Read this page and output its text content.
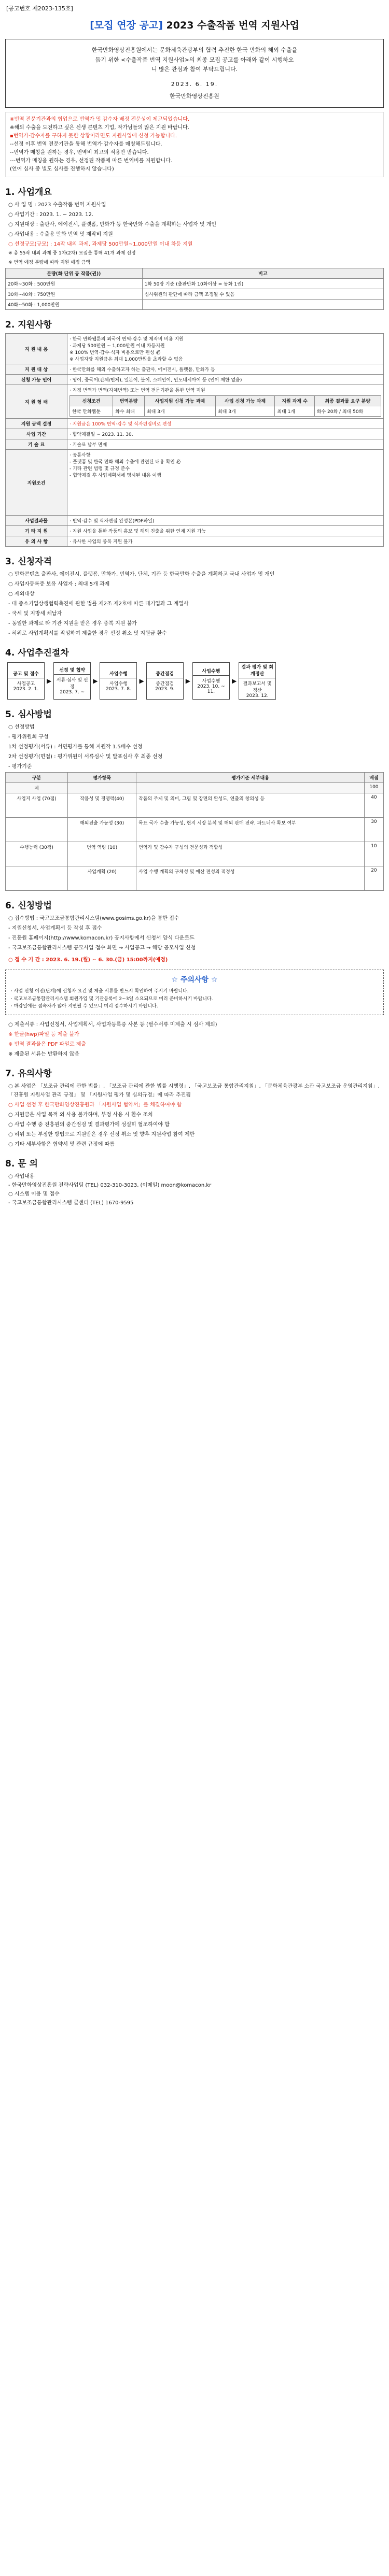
[공고번호 제2023-135호]
[모집 연장 공고] 2023 수출작품 번역 지원사업
한국만화영상진흥원에서는 문화체육관광부의 협력 추진한 한국 만화의 해외 수출을
돕기 위한 <수출작품 번역 지원사업>의 최종 모집 공고를 아래와 같이 시행하오
니 많은 관심과 참여 부탁드립니다.
2023. 6. 19.
한국만화영상진흥원
※번역 전문기관과의 협업으로 번역가 및 감수자 배정 전문성이 제고되었습니다.
※해외 수출을 도전하고 싶은 신생 콘텐츠 기업, 작가님들의 많은 지원 바랍니다.
▪번역가·감수자를 구하지 못한 상황이라면도 지원사업에 신청 가능합니다.
--선정 이후 번역 전문기관을 통해 번역가·감수자를 매칭해드립니다.
--번역가 매칭을 원하는 경우, 번역비 최고의 적용만 받습니다.
---번역가 매칭을 원하는 경우, 선정된 작품에 따른 번역비를 지원합니다.
(언어 심사 중 별도 심사를 진행하지 않습니다)
1. 사업개요
○ 사 업 명 : 2023 수출작품 번역 지원사업
○ 사업기간 : 2023. 1. ~ 2023. 12.
○ 지원대상 : 출판사, 에이전시, 플랫폼, 만화가 등 한국만화 수출을 계획하는 사업자 및 개인
○ 사업내용 : 수출용 만화 번역 및 제작비 지원
○ 선정규모(규모) : 14작 내외 과제, 과제당 500만원~1,000만원 이내 차등 지원
※ 총 55작 내외 과제 중 1차(2차) 모집을 통해 41개 과제 선정
※ 번역 예정 분량에 따라 지원 예정 금액
분량(화 단위 등 작품(권))	비고
20화~30화 : 500만원	1화 50장 기준 (출판만화 10화이상 = 동화 1권)
30화~40화 : 750만원	심사위원의 판단에 따라 금액 조정될 수 있음
40화~50화 : 1,000만원	
2. 지원사항
지 원 내 용	· 한국 만화웹툰의 외국어 번역·감수 및 제작비 비용 지원
· 과제당 500만원 ~ 1,000만원 이내 차등지원
※ 100% 번역·감수·식자 비용으로만 편성 必
※ 사업자당 지원금은 최대 1,000만원을 초과할 수 없음
지 원 대 상	· 한국만화를 해외 수출하고자 하는 출판사, 에이전시, 플랫폼, 만화가 등
신청 가능 언어	· 영어, 중국어(간체/번체), 일본어, 불어, 스페인어, 인도네시아어 등 (언어 제한 없음)
지 원 형 태	
· 지정 번역가 번역(자체번역) 또는 번역 전문기관을 통한 번역 지원
신청조건	번역분량	사업지원 신청 가능 과제	사업 신청 가능 과제	지원 과제 수	최종 결과물 요구 분량
한국 만화웹툰	화수 최대	최대 3개	최대 3개	최대 1개	화수 20화 / 최대 50화

지원 금액 결정	· 지원금은 100% 번역·감수 및 식자편집비로 편성
사업 기간	· 협약체결일 ~ 2023. 11. 30.
기 술 료	· 기술료 납부 면제
지원조건	· 공통사항
- 플랫폼 및 한국 만화 해외 수출에 관련된 내용 확인 必
- 기타 관련 법령 및 규정 준수
- 협약체결 후 사업계획서에 명시된 내용 이행
사업결과물	· 번역·감수 및 식자편집 완성본(PDF파일)
기 타 지 원	· 지원 사업을 통한 작품의 홍보 및 해외 진출을 위한 연계 지원 가능
유 의 사 항	· 유사한 사업의 중복 지원 불가
3. 신청자격
○ 만화콘텐츠 출판사, 에이전시, 플랫폼, 만화가, 번역가, 단체, 기관 등 한국만화 수출을 계획하고 국내 사업자 및 개인
○ 사업자등록증 보유 사업자 : 최대 5개 과제
○ 제외대상
- 대 중소기업상생협력촉진에 관한 법률 제2조 제2호에 따른 대기업과 그 계열사
- 국세 및 지방세 체납자
- 동일한 과제로 타 기관 지원을 받은 경우 중복 지원 불가
- 허위로 사업계획서를 작성하여 제출한 경우 선정 취소 및 지원금 환수
4. 사업추진절차
공고 및 접수
사업공고
2023. 2. 1.
▶
선정 및 협약
서류·심사 및 선정
2023. 7. ~
▶
사업수행
사업수행
2023. 7. 8.
▶
중간점검
중간점검
2023. 9.
▶
사업수행
사업수행
2023. 10. ~ 11.
▶
결과 평가 및 회계정산
결과보고서 및 정산
2023. 12.
5. 심사방법
○ 선정방법
- 평가위원회 구성
1차 선정평가(서류) : 서면평가를 통해 지원작 1.5배수 선정
2차 선정평가(면접) : 평가위원이 서류심사 및 발표심사 후 최종 선정
- 평가기준
구분	평가항목	평가기준 세부내용	배점
계			100
사업지 사업 (70점)	작품성 및 경쟁력(40)	작품의 주제 및 의미, 그림 및 장면의 완성도, 연출의 창의성 등	40
	해외진출 가능성 (30)	목표 국가 수출 가능성, 현지 시장 분석 및 해외 판매 전략, 파트너사 확보 여부	30
수행능력 (30점)	번역 역량 (10)	번역가 및 감수자 구성의 전문성과 적합성	10
	사업계획 (20)	사업 수행 계획의 구체성 및 예산 편성의 적정성	20
6. 신청방법
○ 접수방법 : 국고보조금통합관리시스템(www.gosims.go.kr)을 통한 접수
- 지원신청서, 사업계획서 등 작성 후 접수
- 진흥원 홈페이지(http://www.komacon.kr) 공지사항에서 신청서 양식 다운로드
- 국고보조금통합관리시스템 공모사업 접수 화면 → 사업공고 → 해당 공모사업 신청
○ 접 수 기 간 : 2023. 6. 19.(월) ~ 6. 30.(금) 15:00까지(예정)
☆ 주의사항 ☆
· 사업 신청 이전(단계)에 신청자 요건 및 제출 서류를 반드시 확인하여 주시기 바랍니다.
· 국고보조금통합관리시스템 회원가입 및 기관등록에 2~3일 소요되므로 미리 준비하시기 바랍니다.
· 마감일에는 접속자가 많아 지연될 수 있으니 미리 접수하시기 바랍니다.
○ 제출서류 : 사업신청서, 사업계획서, 사업자등록증 사본 등 (필수서류 미제출 시 심사 제외)
※ 한글(hwp)파일 등 제출 불가
※ 번역 결과물은 PDF 파일로 제출
※ 제출된 서류는 반환하지 않음
7. 유의사항
○ 본 사업은 「보조금 관리에 관한 법률」, 「보조금 관리에 관한 법률 시행령」, 「국고보조금 통합관리지침」, 「문화체육관광부 소관 국고보조금 운영관리지침」, 「진흥원 지원사업 관리 규정」 및 「지원사업 평가 및 심의규정」에 따라 추진됨
○ 사업 선정 후 한국만화영상진흥원과 「지원사업 협약서」를 체결하여야 함
○ 지원금은 사업 목적 외 사용 불가하며, 부정 사용 시 환수 조치
○ 사업 수행 중 진흥원의 중간점검 및 결과평가에 성실히 협조하여야 함
○ 허위 또는 부정한 방법으로 지원받은 경우 선정 취소 및 향후 지원사업 참여 제한
○ 기타 세부사항은 협약서 및 관련 규정에 따름
8. 문 의
○ 사업내용
- 한국만화영상진흥원 전략사업팀 (TEL) 032-310-3023, (이메일) moon@komacon.kr
○ 시스템 이용 및 접수
- 국고보조금통합관리시스템 콜센터 (TEL) 1670-9595
